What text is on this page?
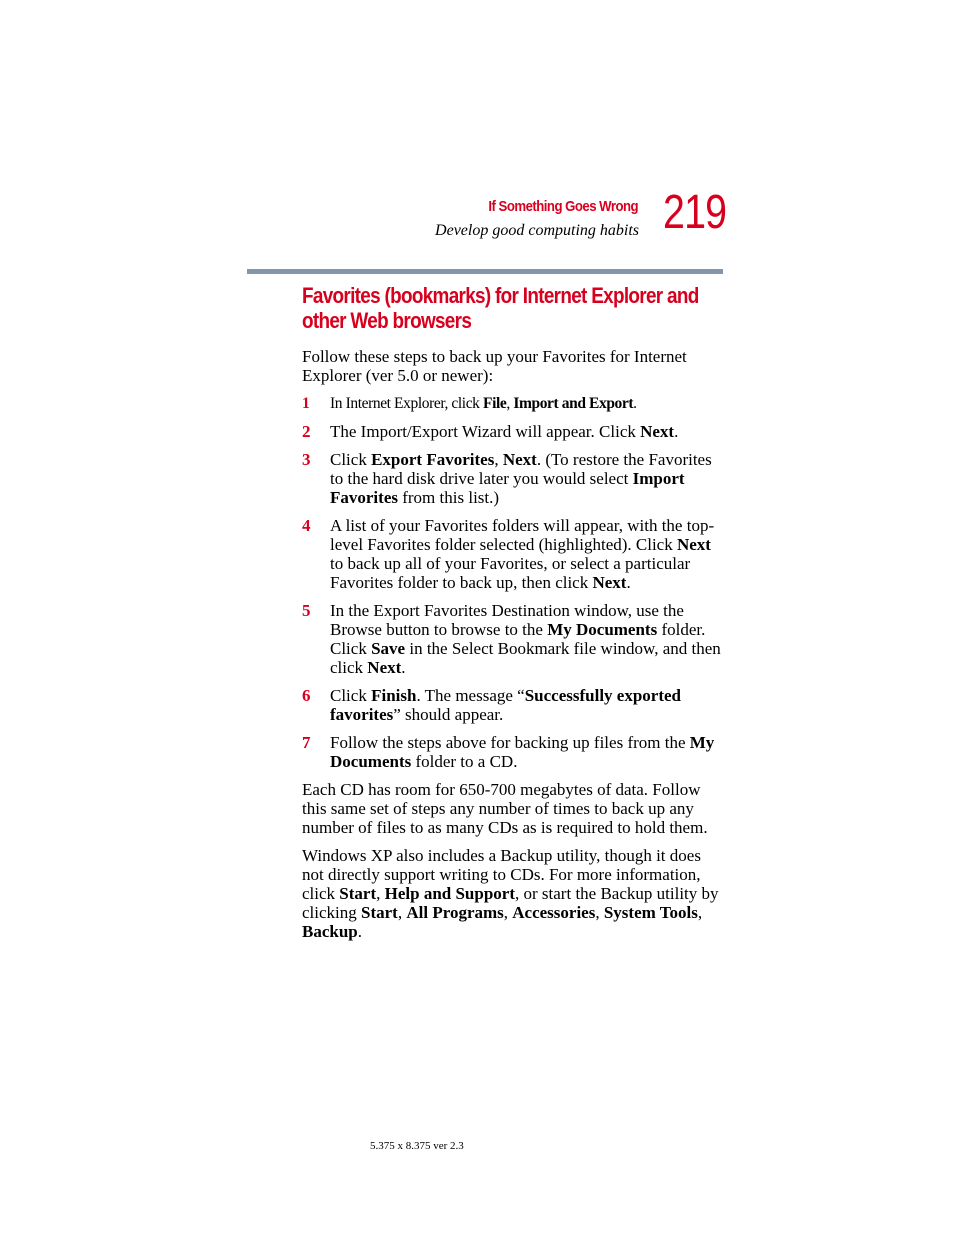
If Something Goes Wrong
Develop good computing habits 219
Favorites (bookmarks) for Internet Explorer and other Web browsers

Follow these steps to back up your Favorites for Internet Explorer (ver 5.0 or newer):

1 In Internet Explorer, click File, Import and Export.
2 The Import/Export Wizard will appear. Click Next.
3 Click Export Favorites, Next. (To restore the Favorites to the hard disk drive later you would select Import Favorites from this list.)
4 A list of your Favorites folders will appear, with the top-level Favorites folder selected (highlighted). Click Next to back up all of your Favorites, or select a particular Favorites folder to back up, then click Next.
5 In the Export Favorites Destination window, use the Browse button to browse to the My Documents folder. Click Save in the Select Bookmark file window, and then click Next.
6 Click Finish. The message “Successfully exported favorites” should appear.
7 Follow the steps above for backing up files from the My Documents folder to a CD.

Each CD has room for 650-700 megabytes of data. Follow this same set of steps any number of times to back up any number of files to as many CDs as is required to hold them.

Windows XP also includes a Backup utility, though it does not directly support writing to CDs. For more information, click Start, Help and Support, or start the Backup utility by clicking Start, All Programs, Accessories, System Tools, Backup.

5.375 x 8.375 ver 2.3
